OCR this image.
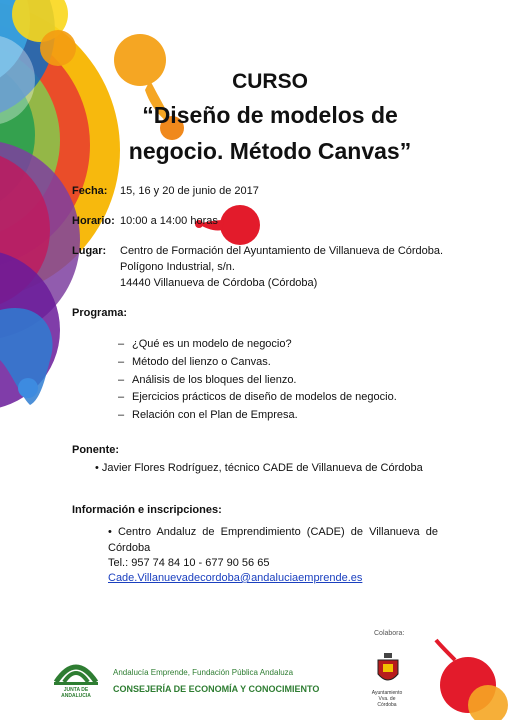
CURSO
“Diseño de modelos de
negocio. Método Canvas”
Fecha: 15, 16 y 20 de junio de 2017
Horario: 10:00 a 14:00 horas
Lugar: Centro de Formación del Ayuntamiento de Villanueva de Córdoba.
Polígono Industrial, s/n.
14440 Villanueva de Córdoba (Córdoba)
Programa:
– ¿Qué es un modelo de negocio?
– Método del lienzo o Canvas.
– Análisis de los bloques del lienzo.
– Ejercicios prácticos de diseño de modelos de negocio.
– Relación con el Plan de Empresa.
Ponente:
• Javier Flores Rodríguez, técnico CADE de Villanueva de Córdoba
Información e inscripciones:
• Centro Andaluz de Emprendimiento (CADE) de Villanueva de Córdoba
Tel.: 957 74 84 10 - 677 90 56 65
Cade.Villanuevadecordoba@andaluciaemprende.es
Colabora:
JUNTA DE ANDALUCIA
Andalucía Emprende, Fundación Pública Andaluza
CONSEJERÍA DE ECONOMÍA Y CONOCIMIENTO	Ayuntamiento
Vva. de Córdoba
